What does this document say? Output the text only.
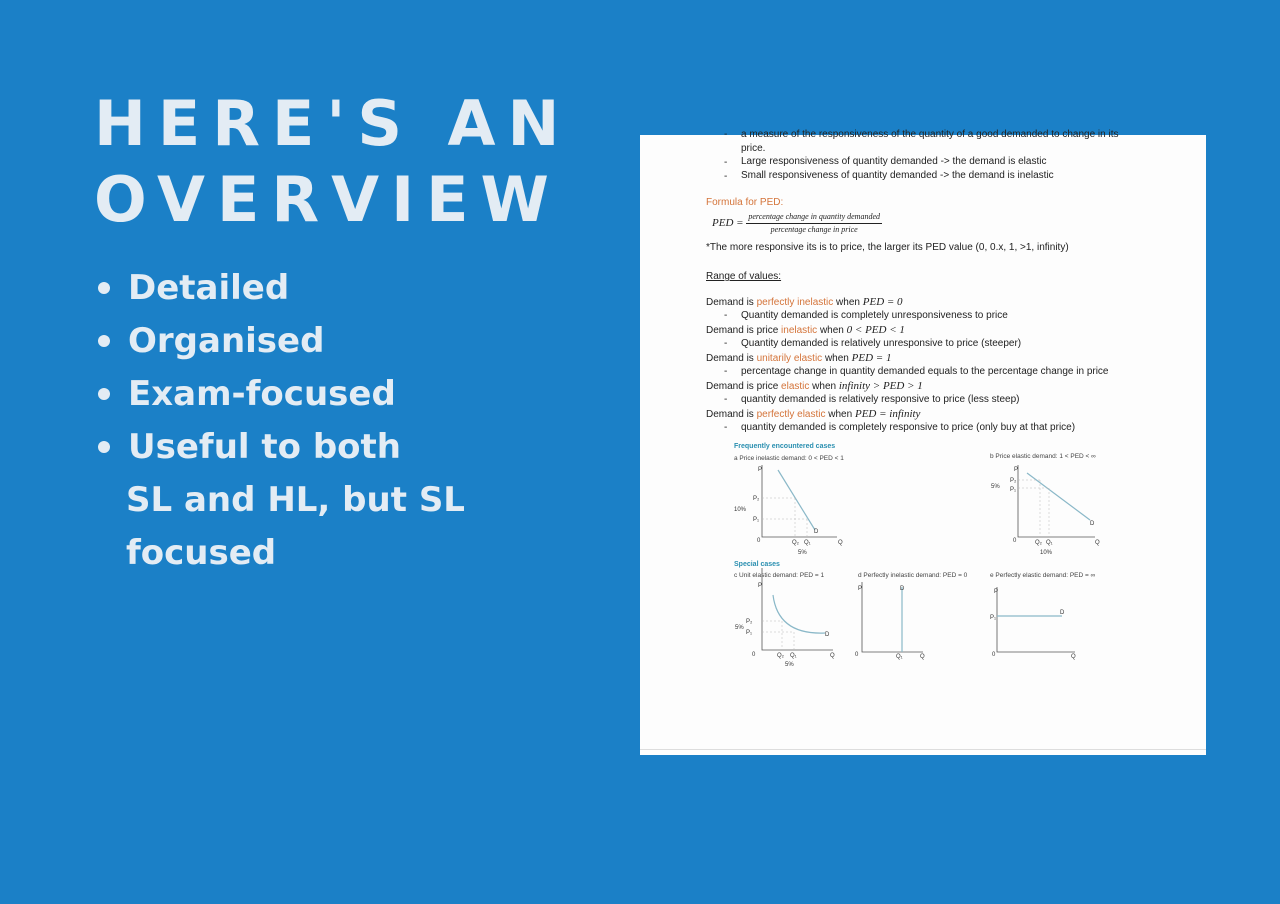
HERE'S AN
OVERVIEW
Detailed
Organised
Exam-focused
Useful to both
SL and HL, but SL
focused
- a measure of the responsiveness of the quantity of a good demanded to change in its
price.
- Large responsiveness of quantity demanded -> the demand is elastic
- Small responsiveness of quantity demanded -> the demand is inelastic
Formula for PED:
PED = $\frac{\text{percentage change in quantity demanded}}{\text{percentage change in price}}$
*The more responsive its is to price, the larger its PED value (0, 0.x, 1, >1, infinity)
Range of values:
Demand is perfectly inelastic when PED = 0
- Quantity demanded is completely unresponsiveness to price
Demand is price inelastic when 0 < PED < 1
- Quantity demanded is relatively unresponsive to price (steeper)
Demand is unitarily elastic when PED = 1
- percentage change in quantity demanded equals to the percentage change in price
Demand is price elastic when infinity > PED > 1
- quantity demanded is relatively responsive to price (less steep)
Demand is perfectly elastic when PED = infinity
- quantity demanded is completely responsive to price (only buy at that price)
Frequently encountered cases
a Price inelastic demand: 0 < PED < 1	b Price elastic demand: 1 < PED < ∞
Special cases
c Unit elastic demand: PED = 1	d Perfectly inelastic demand: PED = 0	e Perfectly elastic demand: PED = ∞
P
P₂
P₁
10%
0	Q₂ Q₁
5%
D
Q
P
P₂
P₁
5%
0	Q₂ Q₁
10%
D
Q
P
P₂
P₁
5%
0	Q₂ Q₁
5%
D
Q
P	D
0	Q₁	Q
P
P₁
D
0	Q
